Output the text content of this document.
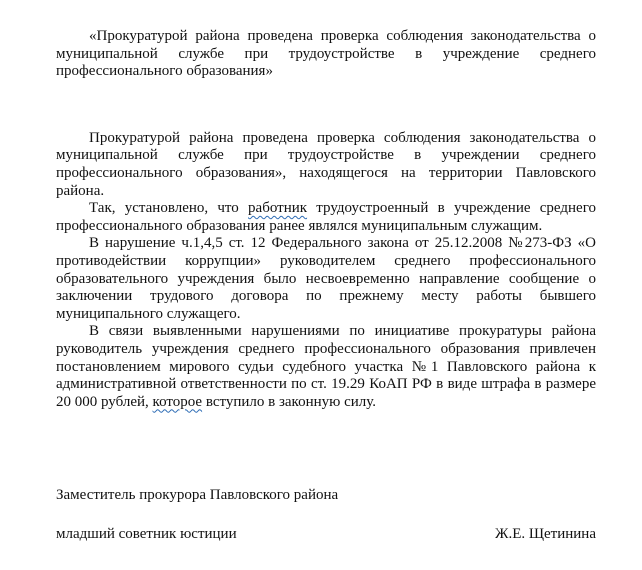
«Прокуратурой района проведена проверка соблюдения законодательства о муниципальной службе при трудоустройстве в учреждение среднего профессионального образования»

Прокуратурой района проведена проверка соблюдения законодательства о муниципальной службе при трудоустройстве в учреждении среднего профессионального образования», находящегося на территории Павловского района.

Так, установлено, что работник трудоустроенный в учреждение среднего профессионального образования ранее являлся муниципальным служащим.

В нарушение ч.1,4,5 ст. 12 Федерального закона от 25.12.2008 №273-ФЗ «О противодействии коррупции» руководителем среднего профессионального образовательного учреждения было несвоевременно направление сообщение о заключении трудового договора по прежнему месту работы бывшего муниципального служащего.

В связи выявленными нарушениями по инициативе прокуратуры района руководитель учреждения среднего профессионального образования привлечен постановлением мирового судьи судебного участка №1 Павловского района к административной ответственности по ст. 19.29 КоАП РФ в виде штрафа в размере 20 000 рублей, которое вступило в законную силу.

Заместитель прокурора Павловского района
младший советник юстиции	Ж.Е. Щетинина
